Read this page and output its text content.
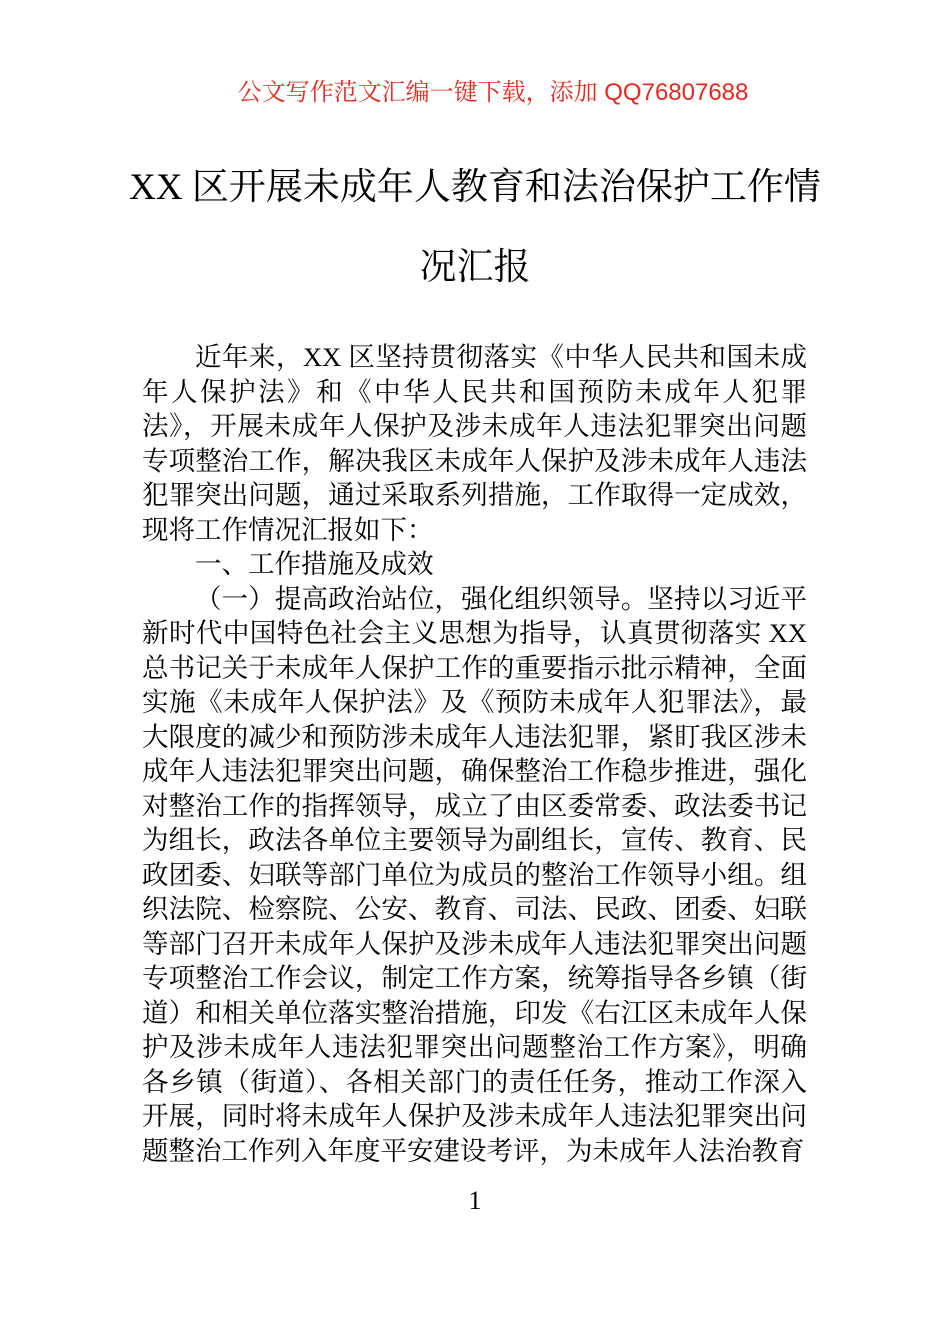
公文写作范文汇编一键下载，添加 QQ76807688
XX 区开展未成年人教育和法治保护工作情况汇报

近年来，XX 区坚持贯彻落实《中华人民共和国未成年人保护法》和《中华人民共和国预防未成年人犯罪法》，开展未成年人保护及涉未成年人违法犯罪突出问题专项整治工作，解决我区未成年人保护及涉未成年人违法犯罪突出问题，通过采取系列措施，工作取得一定成效，现将工作情况汇报如下：

一、工作措施及成效

（一）提高政治站位，强化组织领导。坚持以习近平新时代中国特色社会主义思想为指导，认真贯彻落实 XX 总书记关于未成年人保护工作的重要指示批示精神，全面实施《未成年人保护法》及《预防未成年人犯罪法》，最大限度的减少和预防涉未成年人违法犯罪，紧盯我区涉未成年人违法犯罪突出问题，确保整治工作稳步推进，强化对整治工作的指挥领导，成立了由区委常委、政法委书记为组长，政法各单位主要领导为副组长，宣传、教育、民政团委、妇联等部门单位为成员的整治工作领导小组。组织法院、检察院、公安、教育、司法、民政、团委、妇联等部门召开未成年人保护及涉未成年人违法犯罪突出问题专项整治工作会议，制定工作方案，统筹指导各乡镇（街道）和相关单位落实整治措施，印发《右江区未成年人保护及涉未成年人违法犯罪突出问题整治工作方案》，明确各乡镇（街道）、各相关部门的责任任务，推动工作深入开展，同时将未成年人保护及涉未成年人违法犯罪突出问题整治工作列入年度平安建设考评，为未成年人法治教育

1
